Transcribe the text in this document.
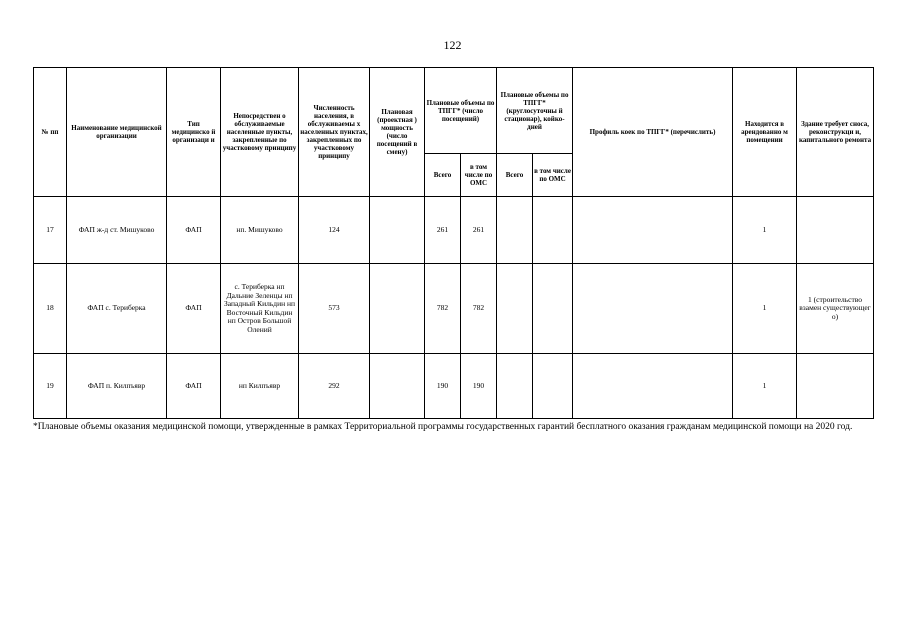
122
№ пп	Наименование медицинской организации	Тип медицинско й организаци и	Непосредствен о обслуживаемые населенные пункты, закрепленные по участковому принципу	Численность населения, в обслуживаемы х населенных пунктах, закрепленных по участковому принципу	Плановая (проектная ) мощность (число посещений в смену)	Плановые объемы по ТПГГ* (число посещений)		Плановые объемы по ТПГГ* (круглосуточны й стационар), койко-дней		Профиль коек по ТПГГ* (перечислить)	Находится в арендованно м помещении	Здание требует сноса, реконструкци и, капитального ремонта
						Всего	в том числе по ОМС	Всего	в том числе по ОМС			
17	ФАП ж-д ст. Мишуково	ФАП	нп. Мишуково	124		261	261				1	
18	ФАП с. Териберка	ФАП	с. Териберка нп Дальние Зеленцы нп Западный Кильдин нп Восточный Кильдин нп Остров Большой Олений	573		782	782				1	1 (строительство взамен существующег о)
19	ФАП п. Килпъявр	ФАП	нп Килпъявр	292		190	190				1	
*Плановые объемы оказания медицинской помощи, утвержденные в рамках Территориальной программы государственных гарантий бесплатного оказания гражданам медицинской помощи на 2020 год.
